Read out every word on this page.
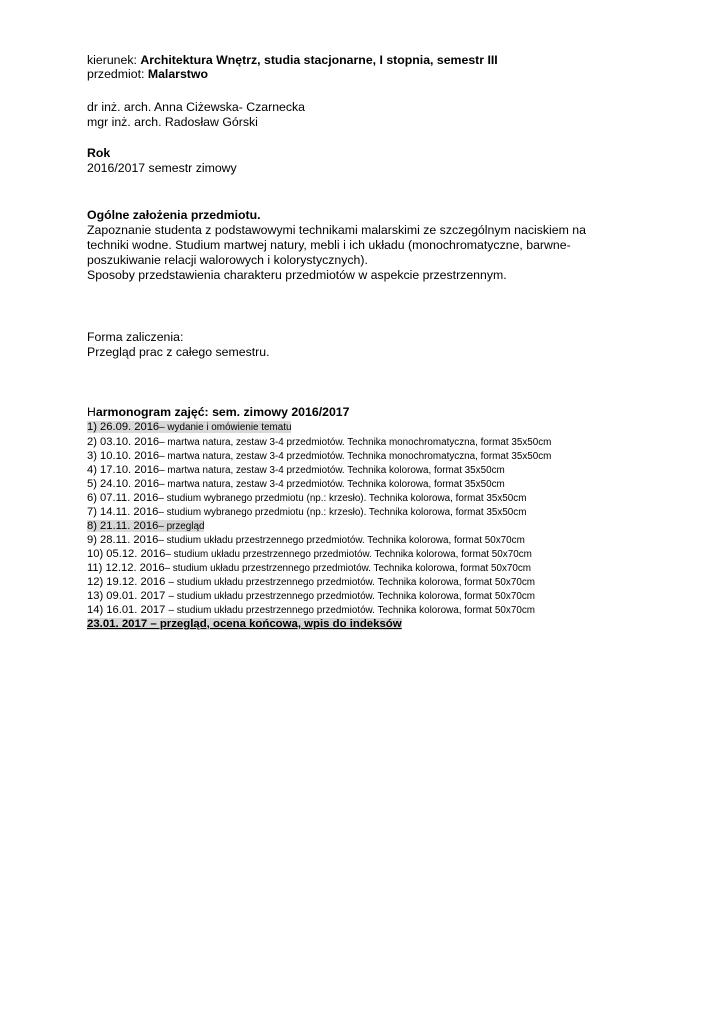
kierunek: Architektura Wnętrz, studia stacjonarne, I stopnia, semestr III
przedmiot: Malarstwo
dr inż. arch. Anna Ciżewska- Czarnecka
mgr inż. arch. Radosław Górski
Rok
2016/2017 semestr zimowy
Ogólne założenia przedmiotu.
Zapoznanie studenta z podstawowymi technikami malarskimi ze szczególnym naciskiem na
techniki wodne. Studium martwej natury, mebli i ich układu (monochromatyczne, barwne-
poszukiwanie relacji walorowych i kolorystycznych).
Sposoby przedstawienia charakteru przedmiotów w aspekcie przestrzennym.
Forma zaliczenia:
Przegląd prac z całego semestru.
Harmonogram zajęć: sem. zimowy 2016/2017
1) 26.09. 2016– wydanie i omówienie tematu
2) 03.10. 2016– martwa natura, zestaw 3-4 przedmiotów. Technika monochromatyczna, format 35x50cm
3) 10.10. 2016– martwa natura, zestaw 3-4 przedmiotów. Technika monochromatyczna, format 35x50cm
4) 17.10. 2016– martwa natura, zestaw 3-4 przedmiotów. Technika kolorowa, format 35x50cm
5) 24.10. 2016– martwa natura, zestaw 3-4 przedmiotów. Technika kolorowa, format 35x50cm
6) 07.11. 2016– studium wybranego przedmiotu (np.: krzesło). Technika kolorowa, format 35x50cm
7) 14.11. 2016– studium wybranego przedmiotu (np.: krzesło). Technika kolorowa, format 35x50cm
8) 21.11. 2016– przegląd
9) 28.11. 2016– studium układu przestrzennego przedmiotów. Technika kolorowa, format 50x70cm
10) 05.12. 2016– studium układu przestrzennego przedmiotów. Technika kolorowa, format 50x70cm
11) 12.12. 2016– studium układu przestrzennego przedmiotów. Technika kolorowa, format 50x70cm
12) 19.12. 2016 – studium układu przestrzennego przedmiotów. Technika kolorowa, format 50x70cm
13) 09.01. 2017 – studium układu przestrzennego przedmiotów. Technika kolorowa, format 50x70cm
14) 16.01. 2017 – studium układu przestrzennego przedmiotów. Technika kolorowa, format 50x70cm
23.01. 2017 – przegląd, ocena końcowa, wpis do indeksów
